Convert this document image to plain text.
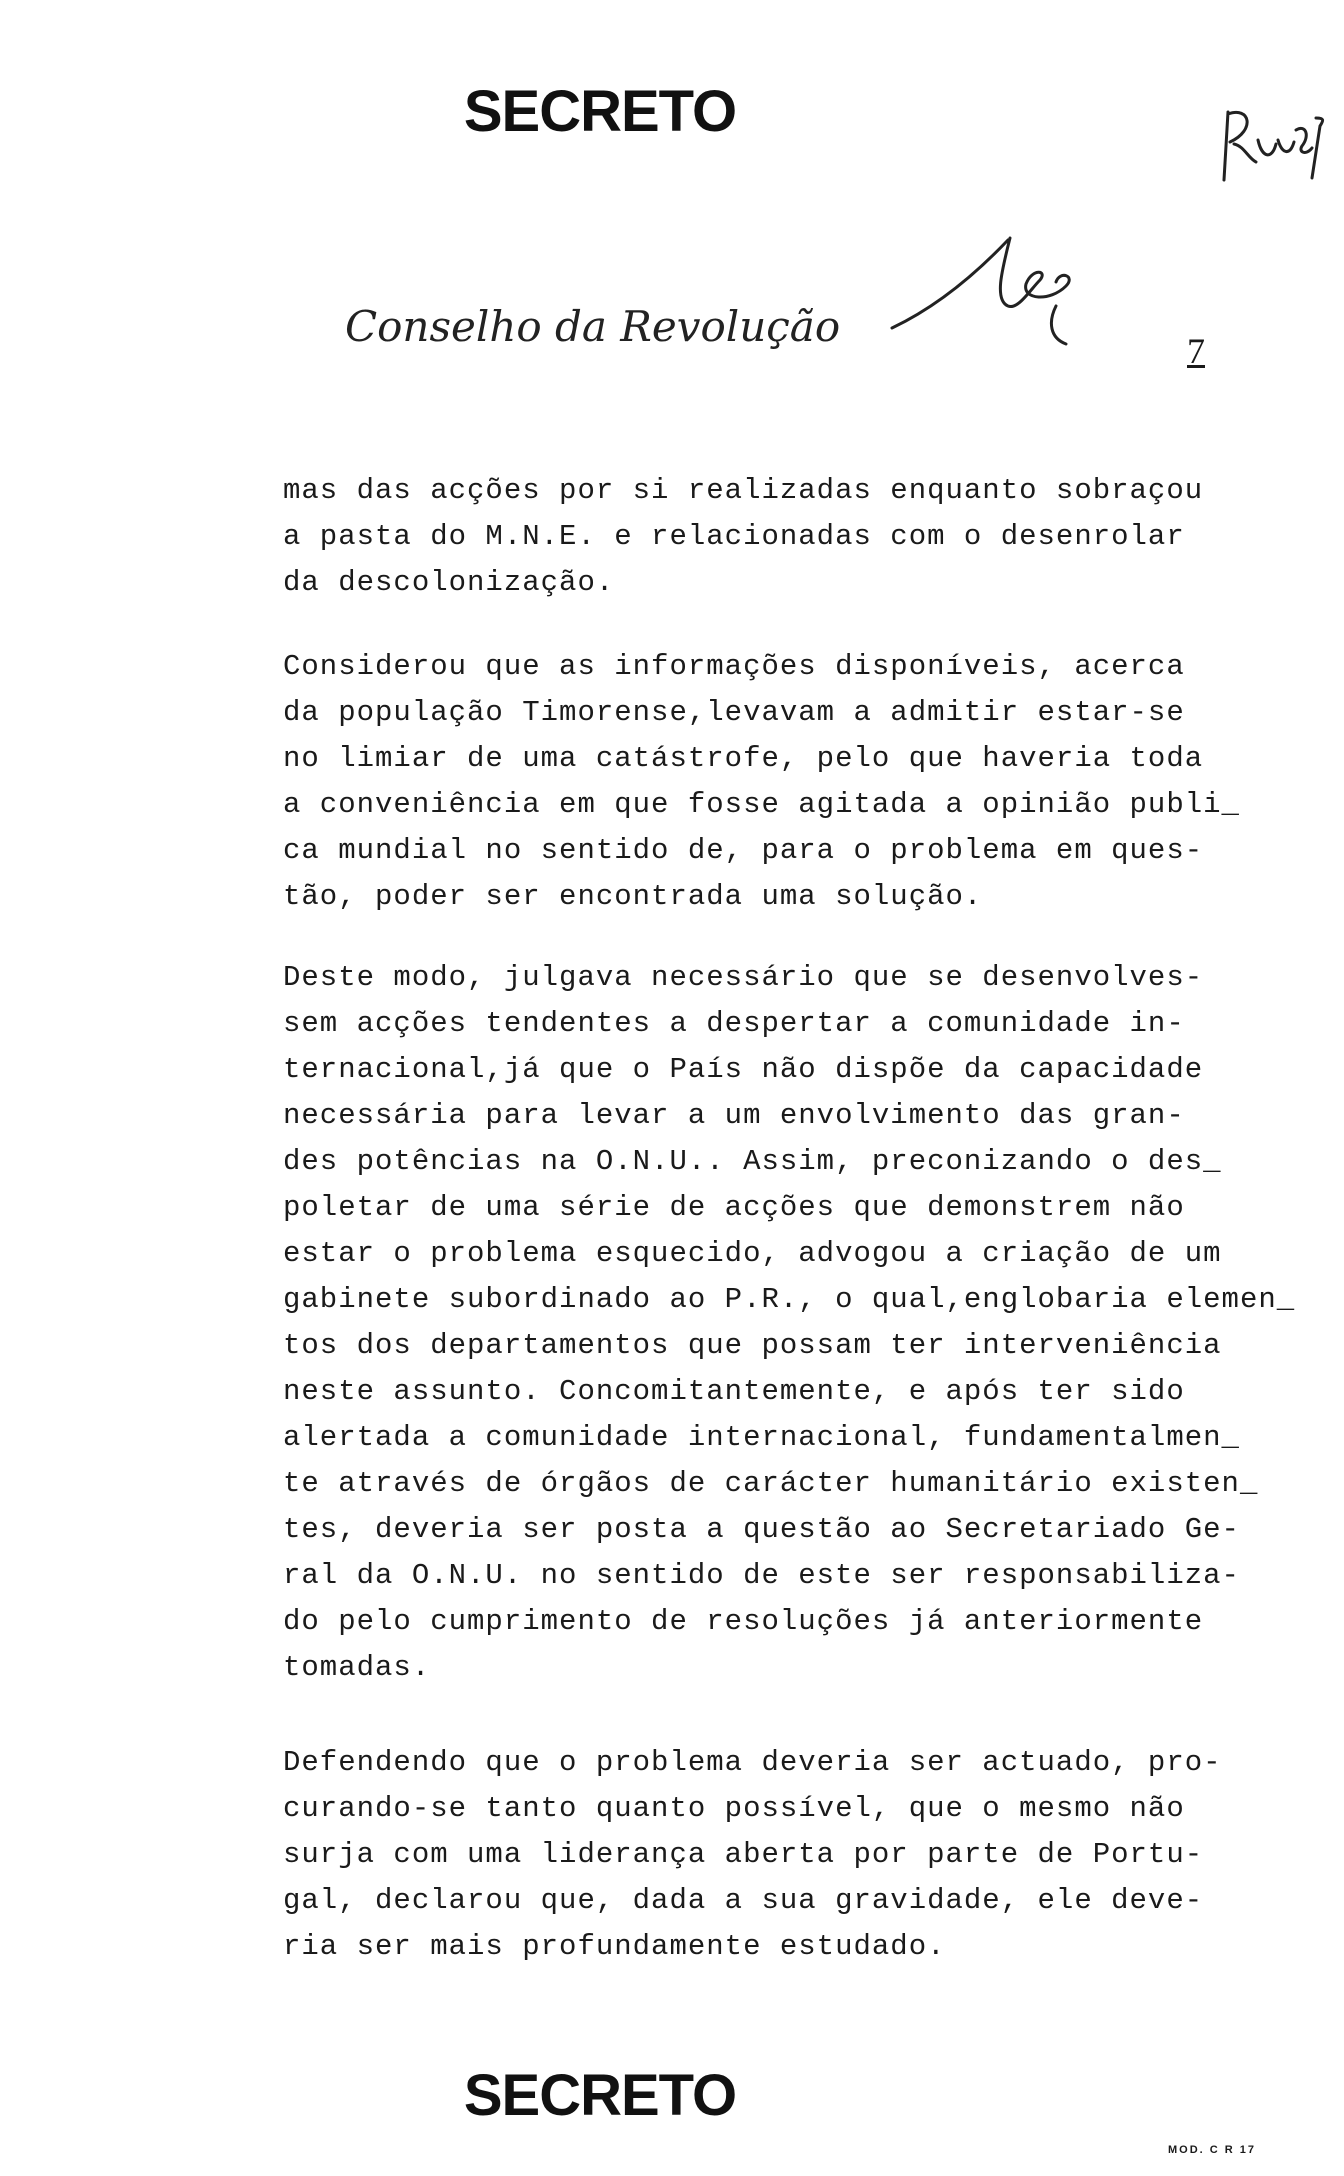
SECRETO
Conselho da Revolução	7
mas das acções por si realizadas enquanto sobraçou
a pasta do M.N.E. e relacionadas com o desenrolar
da descolonização.
Considerou que as informações disponíveis, acerca
da população Timorense,levavam a admitir estar-se
no limiar de uma catástrofe, pelo que haveria toda
a conveniência em que fosse agitada a opinião publi_
ca mundial no sentido de, para o problema em ques-
tão, poder ser encontrada uma solução.
Deste modo, julgava necessário que se desenvolves-
sem acções tendentes a despertar a comunidade in-
ternacional,já que o País não dispõe da capacidade
necessária para levar a um envolvimento das gran-
des potências na O.N.U.. Assim, preconizando o des_
poletar de uma série de acções que demonstrem não
estar o problema esquecido, advogou a criação de um
gabinete subordinado ao P.R., o qual,englobaria elemen_
tos dos departamentos que possam ter interveniência
neste assunto. Concomitantemente, e após ter sido
alertada a comunidade internacional, fundamentalmen_
te através de órgãos de carácter humanitário existen_
tes, deveria ser posta a questão ao Secretariado Ge-
ral da O.N.U. no sentido de este ser responsabiliza-
do pelo cumprimento de resoluções já anteriormente
tomadas.
Defendendo que o problema deveria ser actuado, pro-
curando-se tanto quanto possível, que o mesmo não
surja com uma liderança aberta por parte de Portu-
gal, declarou que, dada a sua gravidade, ele deve-
ria ser mais profundamente estudado.
SECRETO
MOD. C R 17
